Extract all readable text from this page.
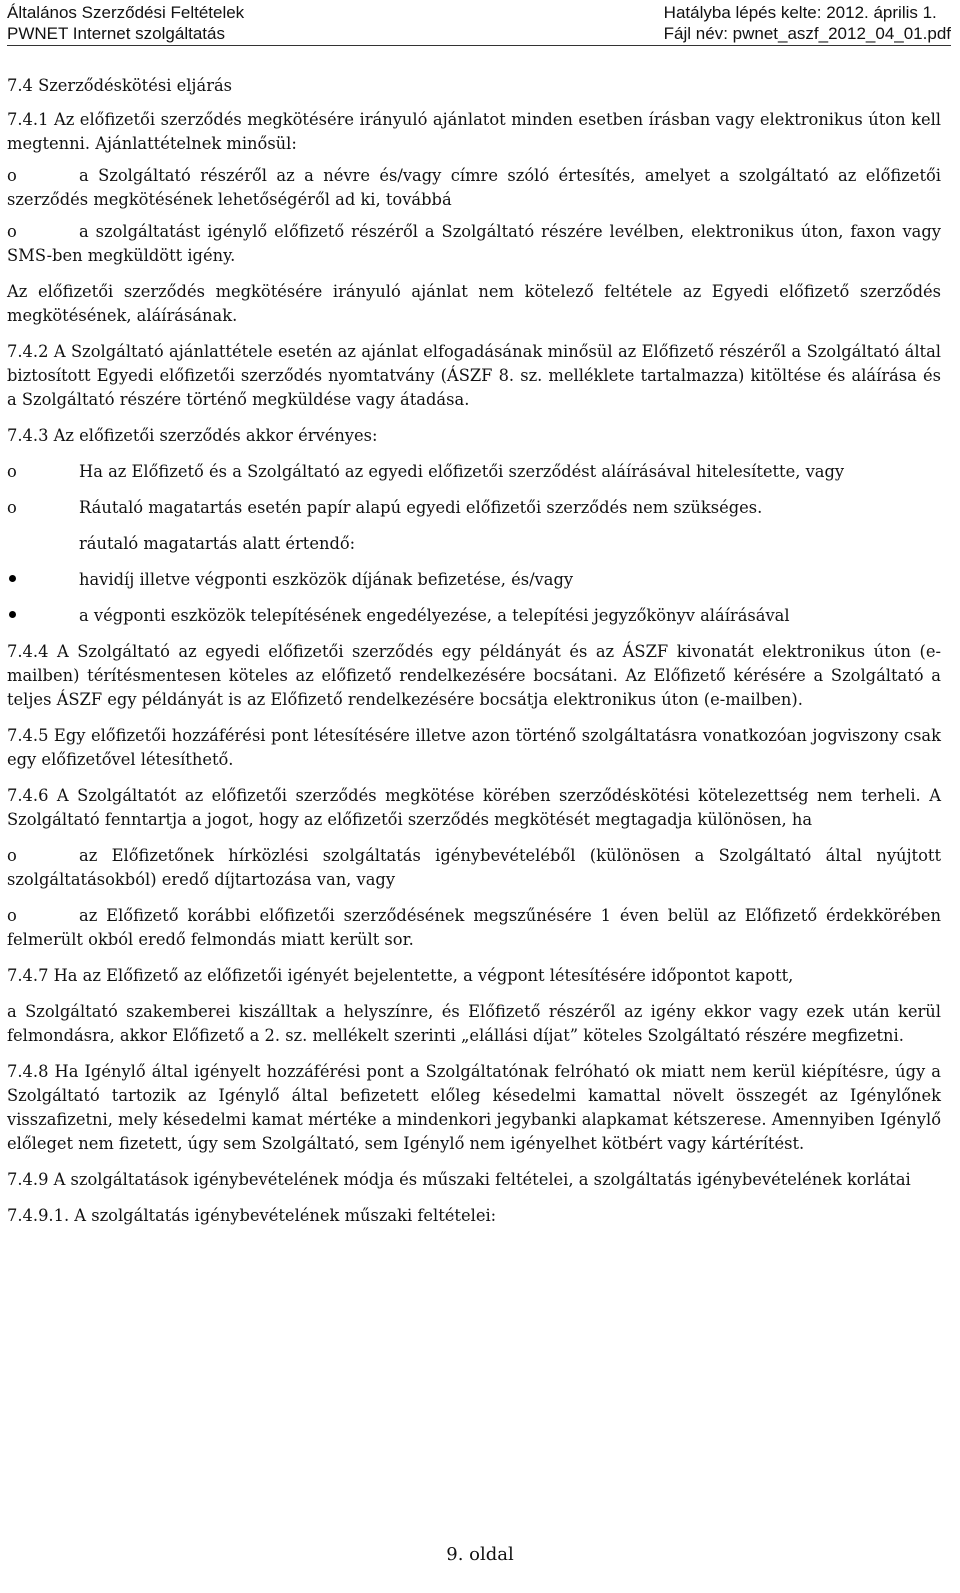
Általános Szerződési Feltételek
PWNET Internet szolgáltatás
Hatályba lépés kelte: 2012. április 1.
Fájl név: pwnet_aszf_2012_04_01.pdf

7.4 Szerződéskötési eljárás

7.4.1 Az előfizetői szerződés megkötésére irányuló ajánlatot minden esetben írásban vagy elektronikus úton kell megtenni. Ajánlattételnek minősül:

o	a Szolgáltató részéről az a névre és/vagy címre szóló értesítés, amelyet a szolgáltató az előfizetői szerződés megkötésének lehetőségéről ad ki, továbbá

o	a szolgáltatást igénylő előfizető részéről a Szolgáltató részére levélben, elektronikus úton, faxon vagy SMS-ben megküldött igény.

Az előfizetői szerződés megkötésére irányuló ajánlat nem kötelező feltétele az Egyedi előfizető szerződés megkötésének, aláírásának.

7.4.2 A Szolgáltató ajánlattétele esetén az ajánlat elfogadásának minősül az Előfizető részéről a Szolgáltató által biztosított Egyedi előfizetői szerződés nyomtatvány (ÁSZF 8. sz. melléklete tartalmazza) kitöltése és aláírása és a Szolgáltató részére történő megküldése vagy átadása.

7.4.3 Az előfizetői szerződés akkor érvényes:

o	Ha az Előfizető és a Szolgáltató az egyedi előfizetői szerződést aláírásával hitelesítette, vagy

o	Ráutaló magatartás esetén papír alapú egyedi előfizetői szerződés nem szükséges.

ráutaló magatartás alatt értendő:

havidíj illetve végponti eszközök díjának befizetése, és/vagy

a végponti eszközök telepítésének engedélyezése, a telepítési jegyzőkönyv aláírásával

7.4.4 A Szolgáltató az egyedi előfizetői szerződés egy példányát és az ÁSZF kivonatát elektronikus úton (e-mailben) térítésmentesen köteles az előfizető rendelkezésére bocsátani. Az Előfizető kérésére a Szolgáltató a teljes ÁSZF egy példányát is az Előfizető rendelkezésére bocsátja elektronikus úton (e-mailben).

7.4.5 Egy előfizetői hozzáférési pont létesítésére illetve azon történő szolgáltatásra vonatkozóan jogviszony csak egy előfizetővel létesíthető.

7.4.6 A Szolgáltatót az előfizetői szerződés megkötése körében szerződéskötési kötelezettség nem terheli. A Szolgáltató fenntartja a jogot, hogy az előfizetői szerződés megkötését megtagadja különösen, ha

o	az Előfizetőnek hírközlési szolgáltatás igénybevételéből (különösen a Szolgáltató által nyújtott szolgáltatásokból) eredő díjtartozása van, vagy

o	az Előfizető korábbi előfizetői szerződésének megszűnésére 1 éven belül az Előfizető érdekkörében felmerült okból eredő felmondás miatt került sor.

7.4.7 Ha az Előfizető az előfizetői igényét bejelentette, a végpont létesítésére időpontot kapott,

a Szolgáltató szakemberei kiszálltak a helyszínre, és Előfizető részéről az igény ekkor vagy ezek után kerül felmondásra, akkor Előfizető a 2. sz. mellékelt szerinti „elállási díjat” köteles Szolgáltató részére megfizetni.

7.4.8 Ha Igénylő által igényelt hozzáférési pont a Szolgáltatónak felróható ok miatt nem kerül kiépítésre, úgy a Szolgáltató tartozik az Igénylő által befizetett előleg késedelmi kamattal növelt összegét az Igénylőnek visszafizetni, mely késedelmi kamat mértéke a mindenkori jegybanki alapkamat kétszerese. Amennyiben Igénylő előleget nem fizetett, úgy sem Szolgáltató, sem Igénylő nem igényelhet kötbért vagy kártérítést.

7.4.9 A szolgáltatások igénybevételének módja és műszaki feltételei, a szolgáltatás igénybevételének korlátai

7.4.9.1. A szolgáltatás igénybevételének műszaki feltételei:

9. oldal
